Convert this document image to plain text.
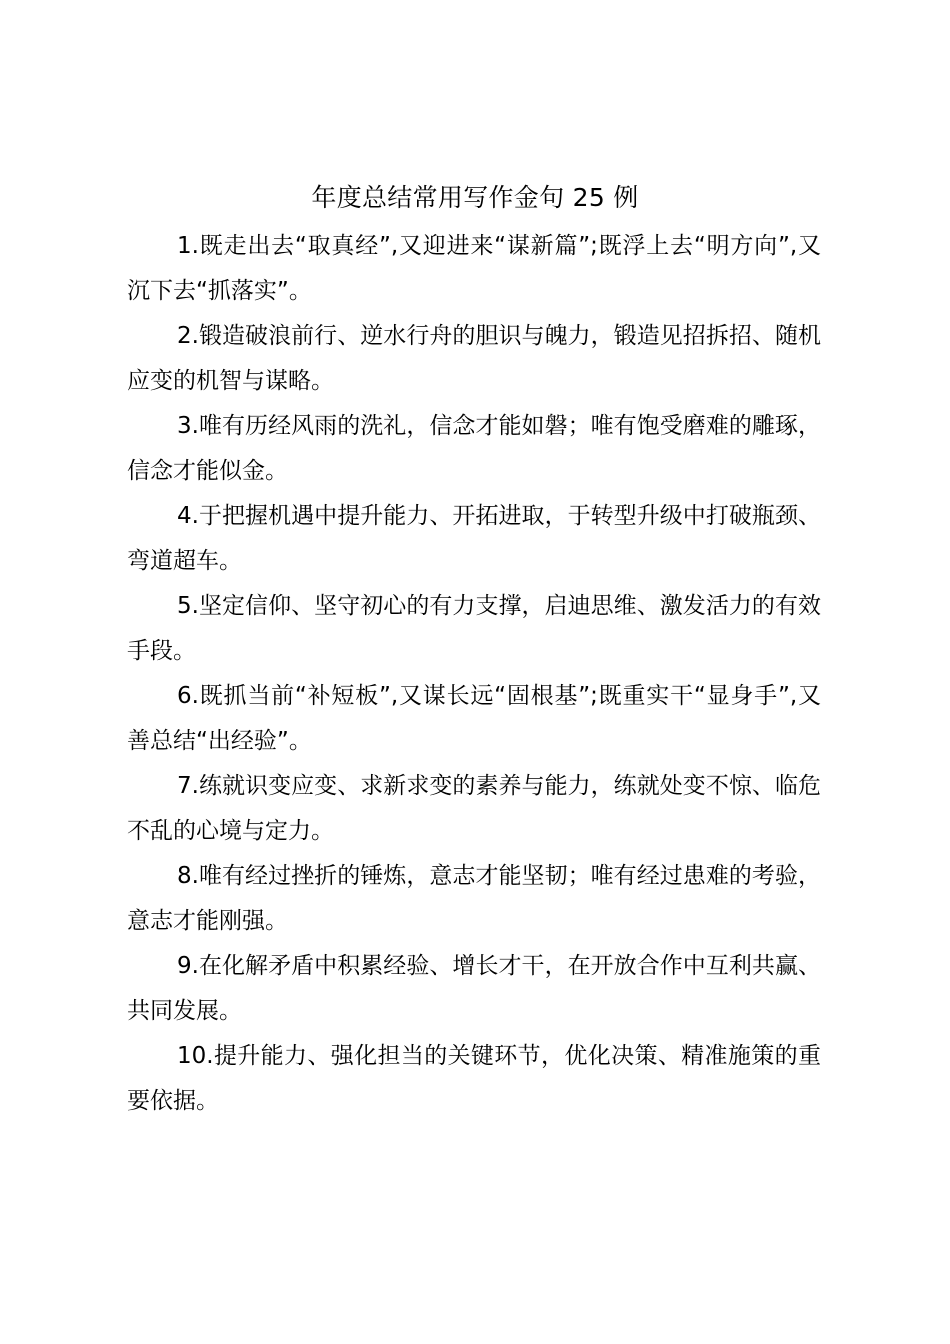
年度总结常用写作金句 25 例

1.既走出去“取真经”,又迎进来“谋新篇”;既浮上去“明方向”,又沉下去“抓落实”。

2.锻造破浪前行、逆水行舟的胆识与魄力，锻造见招拆招、随机应变的机智与谋略。

3.唯有历经风雨的洗礼，信念才能如磐；唯有饱受磨难的雕琢，信念才能似金。

4.于把握机遇中提升能力、开拓进取，于转型升级中打破瓶颈、弯道超车。

5.坚定信仰、坚守初心的有力支撑，启迪思维、激发活力的有效手段。

6.既抓当前“补短板”,又谋长远“固根基”;既重实干“显身手”,又善总结“出经验”。

7.练就识变应变、求新求变的素养与能力，练就处变不惊、临危不乱的心境与定力。

8.唯有经过挫折的锤炼，意志才能坚韧；唯有经过患难的考验，意志才能刚强。

9.在化解矛盾中积累经验、增长才干，在开放合作中互利共赢、共同发展。

10.提升能力、强化担当的关键环节，优化决策、精准施策的重要依据。
